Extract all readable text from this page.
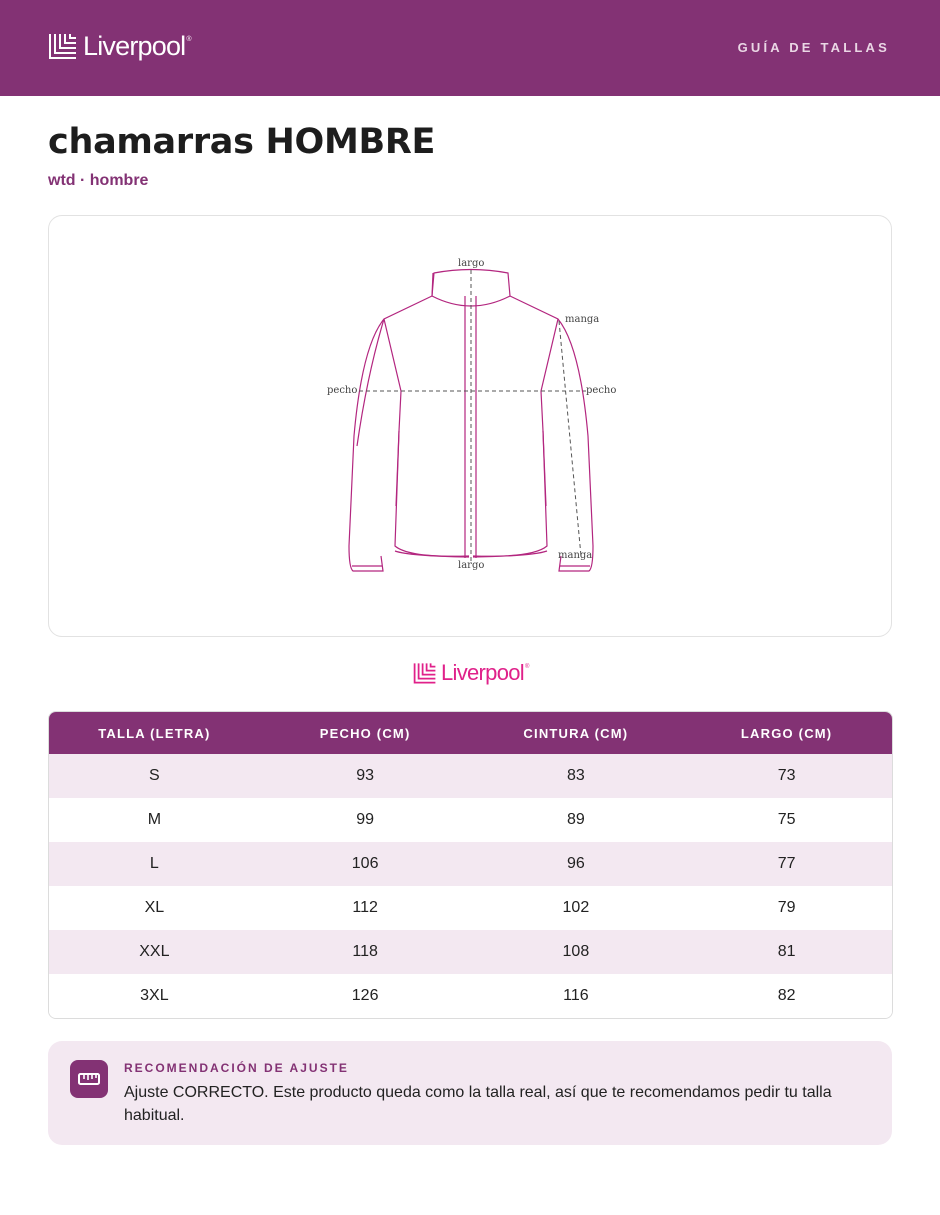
Liverpool ®
GUÍA DE TALLAS
chamarras HOMBRE
wtd · hombre
largo
largo
manga
manga
pecho	pecho
Liverpool ®
TALLA (LETRA)	PECHO (CM)	CINTURA (CM)	LARGO (CM)
S	93	83	73
M	99	89	75
L	106	96	77
XL	112	102	79
XXL	118	108	81
3XL	126	116	82
RECOMENDACIÓN DE AJUSTE
Ajuste CORRECTO. Este producto queda como la talla real, así que te recomendamos pedir tu talla habitual.
